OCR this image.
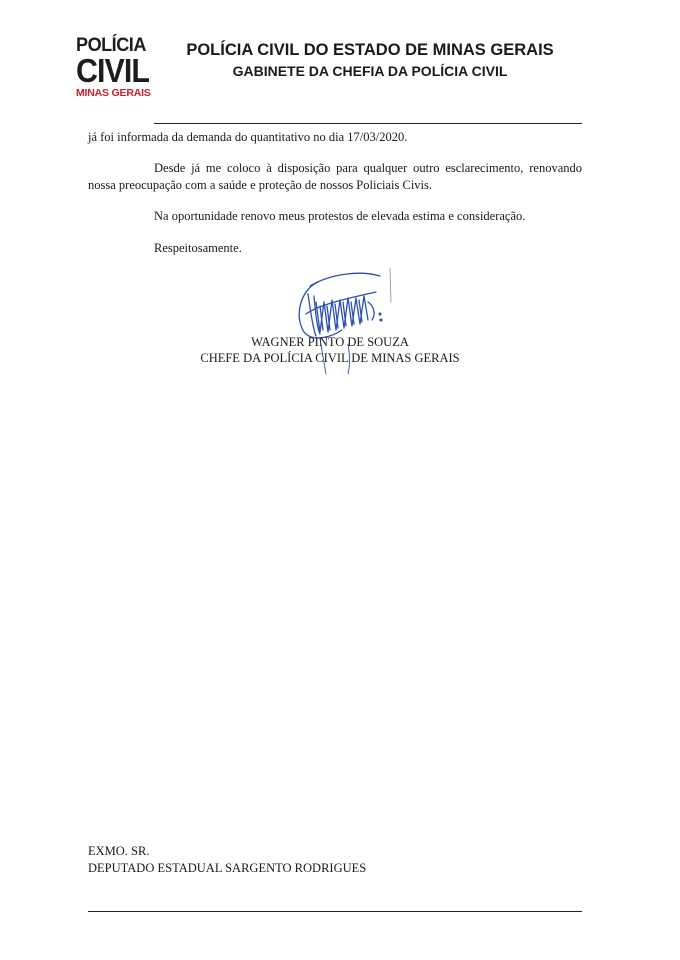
POLÍCIA
CIVIL
MINAS GERAIS

POLÍCIA CIVIL DO ESTADO DE MINAS GERAIS

GABINETE DA CHEFIA DA POLÍCIA CIVIL

já foi informada da demanda do quantitativo no dia 17/03/2020.

Desde já me coloco à disposição para qualquer outro esclarecimento, renovando nossa preocupação com a saúde e proteção de nossos Policiais Civis.

Na oportunidade renovo meus protestos de elevada estima e consideração.

Respeitosamente.

WAGNER PINTO DE SOUZA
CHEFE DA POLÍCIA CIVIL DE MINAS GERAIS
EXMO. SR.
DEPUTADO ESTADUAL SARGENTO RODRIGUES
